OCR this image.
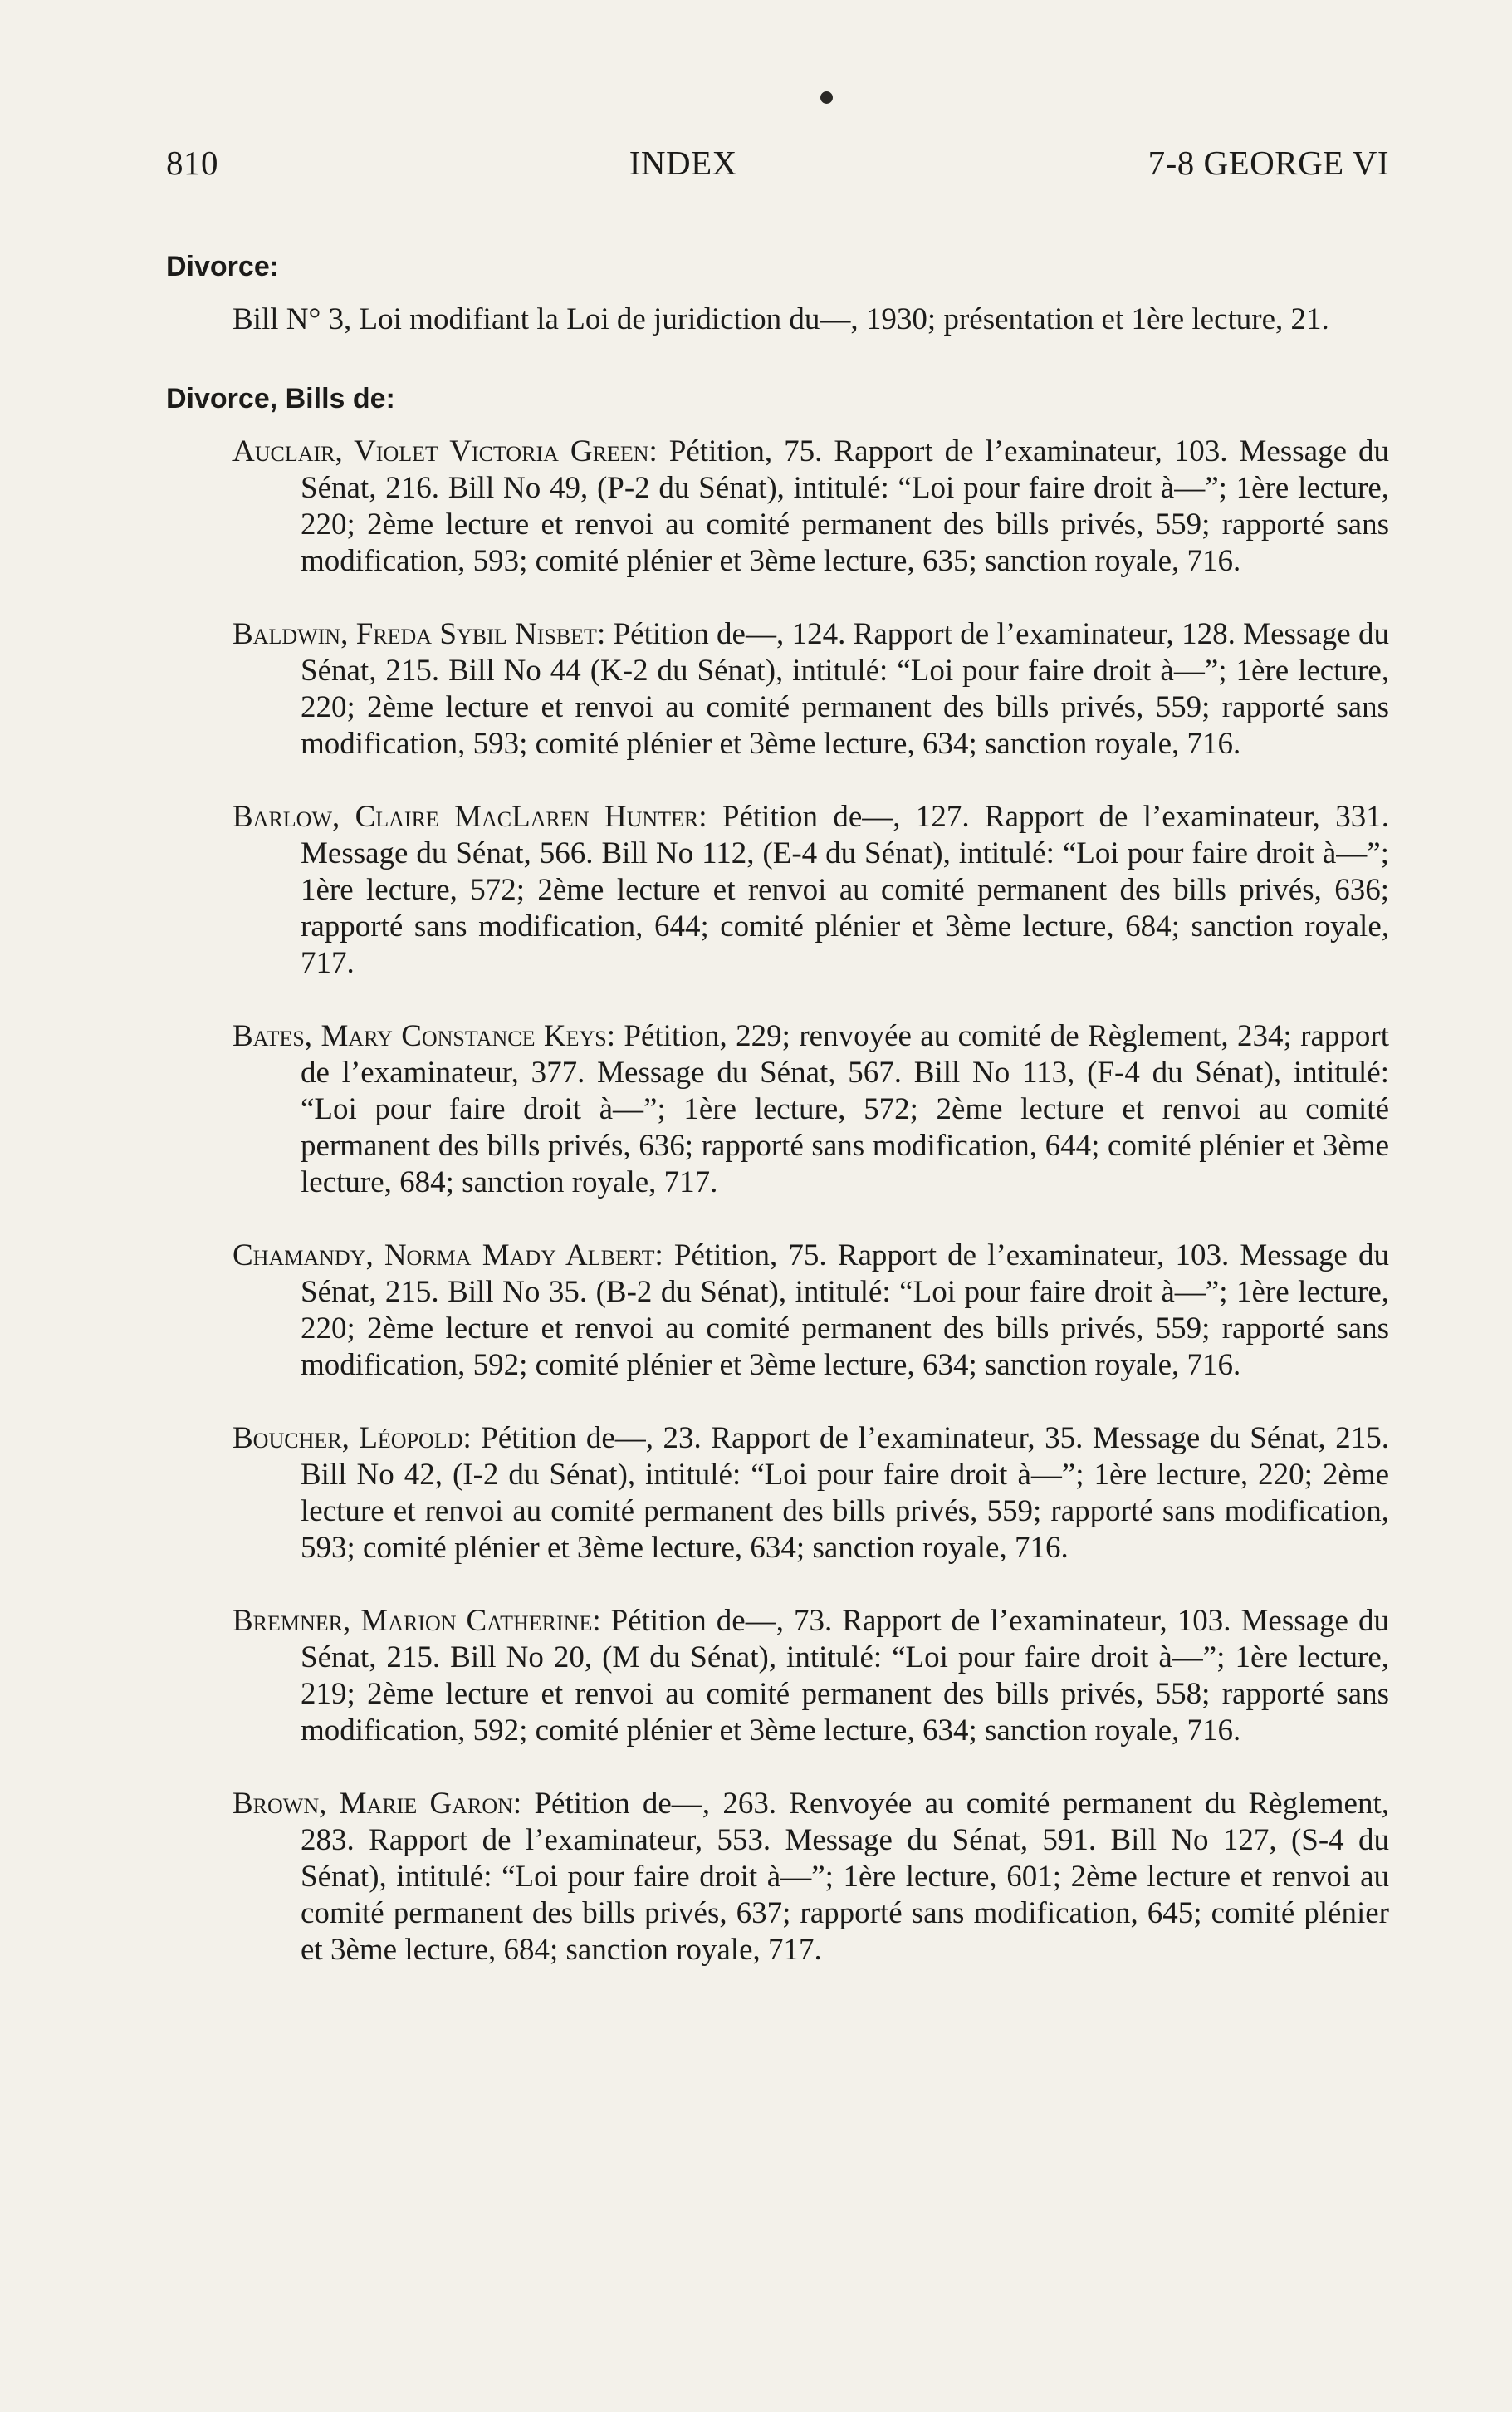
810	INDEX	7-8 GEORGE VI

Divorce:

Bill N° 3, Loi modifiant la Loi de juridiction du—, 1930; présentation et 1ère lecture, 21.

Divorce, Bills de:

Auclair, Violet Victoria Green: Pétition, 75. Rapport de l’examinateur, 103. Message du Sénat, 216. Bill No 49, (P-2 du Sénat), intitulé: “Loi pour faire droit à—”; 1ère lecture, 220; 2ème lecture et renvoi au comité permanent des bills privés, 559; rapporté sans modification, 593; comité plénier et 3ème lecture, 635; sanction royale, 716.

Baldwin, Freda Sybil Nisbet: Pétition de—, 124. Rapport de l’examinateur, 128. Message du Sénat, 215. Bill No 44 (K-2 du Sénat), intitulé: “Loi pour faire droit à—”; 1ère lecture, 220; 2ème lecture et renvoi au comité permanent des bills privés, 559; rapporté sans modification, 593; comité plénier et 3ème lecture, 634; sanction royale, 716.

Barlow, Claire MacLaren Hunter: Pétition de—, 127. Rapport de l’examinateur, 331. Message du Sénat, 566. Bill No 112, (E-4 du Sénat), intitulé: “Loi pour faire droit à—”; 1ère lecture, 572; 2ème lecture et renvoi au comité permanent des bills privés, 636; rapporté sans modification, 644; comité plénier et 3ème lecture, 684; sanction royale, 717.

Bates, Mary Constance Keys: Pétition, 229; renvoyée au comité de Règlement, 234; rapport de l’examinateur, 377. Message du Sénat, 567. Bill No 113, (F-4 du Sénat), intitulé: “Loi pour faire droit à—”; 1ère lecture, 572; 2ème lecture et renvoi au comité permanent des bills privés, 636; rapporté sans modification, 644; comité plénier et 3ème lecture, 684; sanction royale, 717.

Chamandy, Norma Mady Albert: Pétition, 75. Rapport de l’examinateur, 103. Message du Sénat, 215. Bill No 35. (B-2 du Sénat), intitulé: “Loi pour faire droit à—”; 1ère lecture, 220; 2ème lecture et renvoi au comité permanent des bills privés, 559; rapporté sans modification, 592; comité plénier et 3ème lecture, 634; sanction royale, 716.

Boucher, Léopold: Pétition de—, 23. Rapport de l’examinateur, 35. Message du Sénat, 215. Bill No 42, (I-2 du Sénat), intitulé: “Loi pour faire droit à—”; 1ère lecture, 220; 2ème lecture et renvoi au comité permanent des bills privés, 559; rapporté sans modification, 593; comité plénier et 3ème lecture, 634; sanction royale, 716.

Bremner, Marion Catherine: Pétition de—, 73. Rapport de l’examinateur, 103. Message du Sénat, 215. Bill No 20, (M du Sénat), intitulé: “Loi pour faire droit à—”; 1ère lecture, 219; 2ème lecture et renvoi au comité permanent des bills privés, 558; rapporté sans modification, 592; comité plénier et 3ème lecture, 634; sanction royale, 716.

Brown, Marie Garon: Pétition de—, 263. Renvoyée au comité permanent du Règlement, 283. Rapport de l’examinateur, 553. Message du Sénat, 591. Bill No 127, (S-4 du Sénat), intitulé: “Loi pour faire droit à—”; 1ère lecture, 601; 2ème lecture et renvoi au comité permanent des bills privés, 637; rapporté sans modification, 645; comité plénier et 3ème lecture, 684; sanction royale, 717.
